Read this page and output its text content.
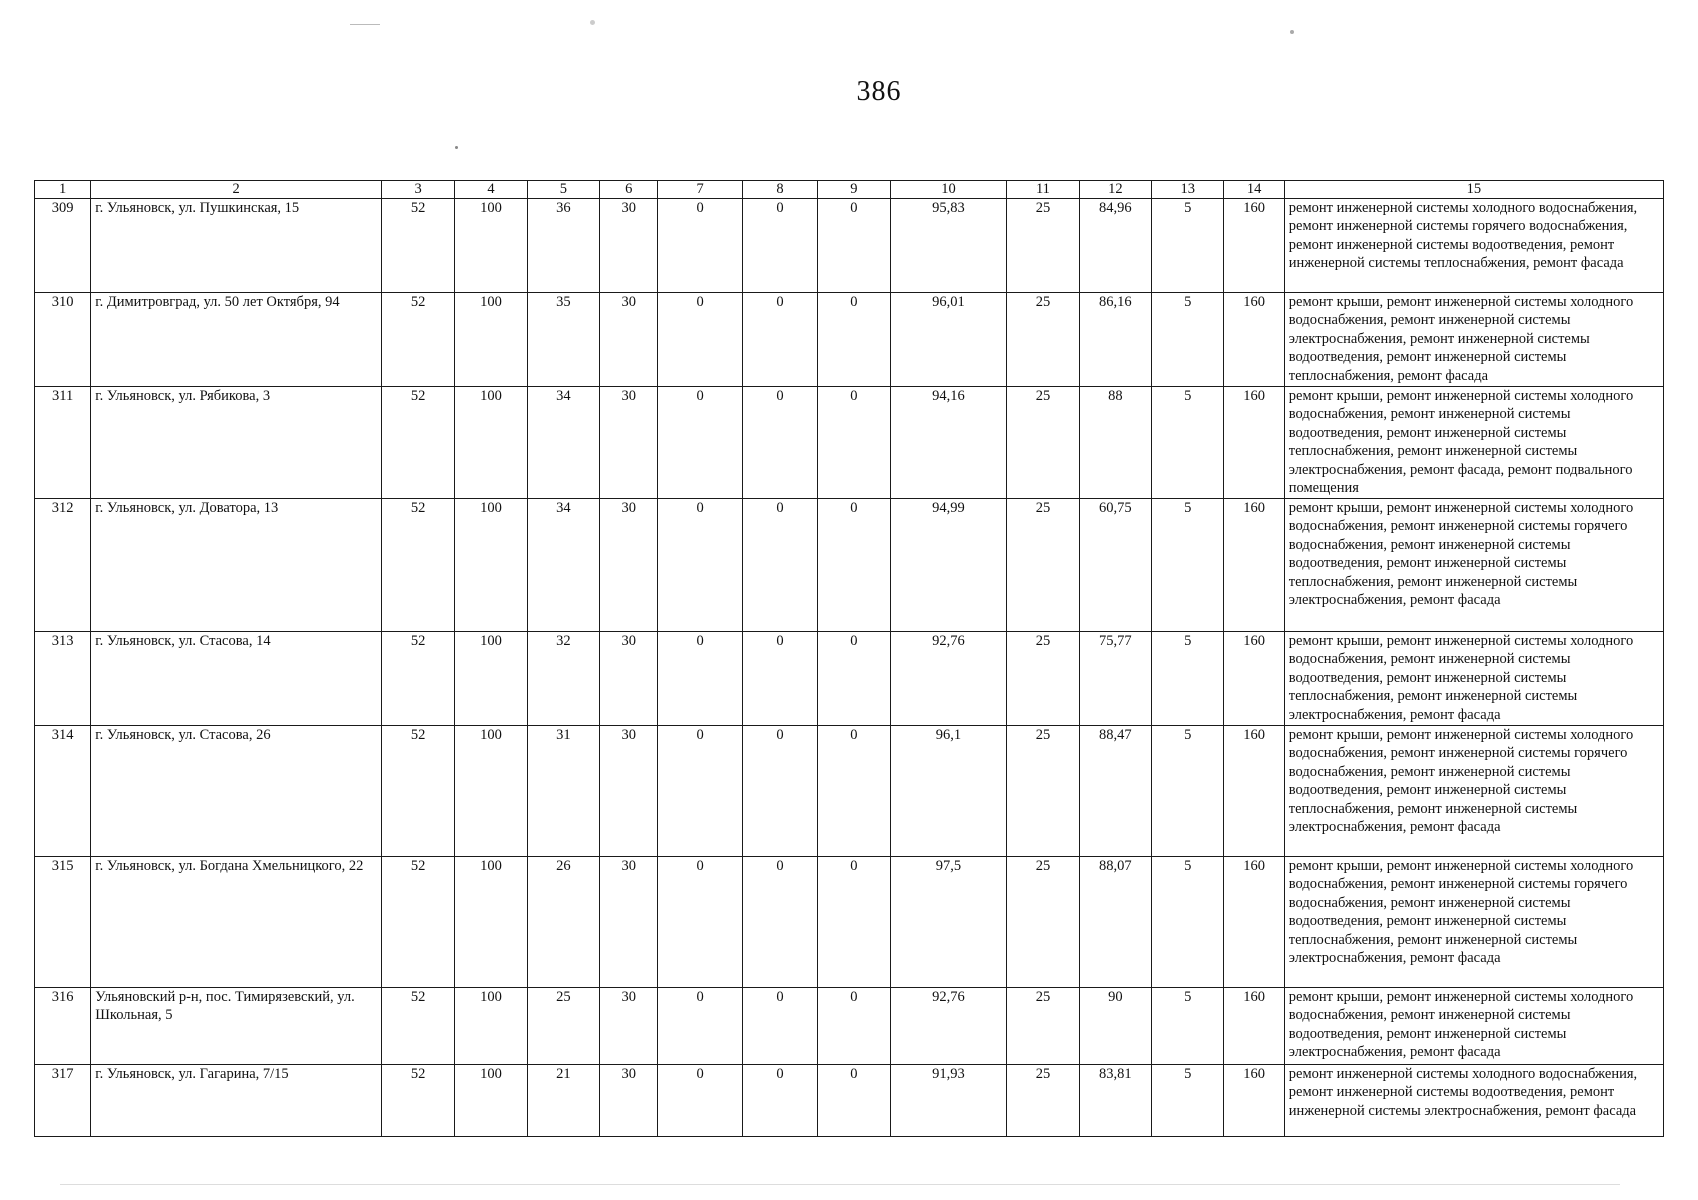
386
1	2	3	4	5	6	7	8	9	10	11	12	13	14	15
309	г. Ульяновск, ул. Пушкинская, 15	52	100	36	30	0	0	0	95,83	25	84,96	5	160	ремонт инженерной системы холодного водоснабжения, ремонт инженерной системы горячего водоснабжения, ремонт инженерной системы водоотведения, ремонт инженерной системы теплоснабжения, ремонт фасада
310	г. Димитровград, ул. 50 лет Октября, 94	52	100	35	30	0	0	0	96,01	25	86,16	5	160	ремонт крыши, ремонт инженерной системы холодного водоснабжения, ремонт инженерной системы электроснабжения, ремонт инженерной системы водоотведения, ремонт инженерной системы теплоснабжения, ремонт фасада
311	г. Ульяновск, ул. Рябикова, 3	52	100	34	30	0	0	0	94,16	25	88	5	160	ремонт крыши, ремонт инженерной системы холодного водоснабжения, ремонт инженерной системы водоотведения, ремонт инженерной системы теплоснабжения, ремонт инженерной системы электроснабжения, ремонт фасада, ремонт подвального помещения
312	г. Ульяновск, ул. Доватора, 13	52	100	34	30	0	0	0	94,99	25	60,75	5	160	ремонт крыши, ремонт инженерной системы холодного водоснабжения, ремонт инженерной системы горячего водоснабжения, ремонт инженерной системы водоотведения, ремонт инженерной системы теплоснабжения, ремонт инженерной системы электроснабжения, ремонт фасада
313	г. Ульяновск, ул. Стасова, 14	52	100	32	30	0	0	0	92,76	25	75,77	5	160	ремонт крыши, ремонт инженерной системы холодного водоснабжения, ремонт инженерной системы водоотведения, ремонт инженерной системы теплоснабжения, ремонт инженерной системы электроснабжения, ремонт фасада
314	г. Ульяновск, ул. Стасова, 26	52	100	31	30	0	0	0	96,1	25	88,47	5	160	ремонт крыши, ремонт инженерной системы холодного водоснабжения, ремонт инженерной системы горячего водоснабжения, ремонт инженерной системы водоотведения, ремонт инженерной системы теплоснабжения, ремонт инженерной системы электроснабжения, ремонт фасада
315	г. Ульяновск, ул. Богдана Хмельницкого, 22	52	100	26	30	0	0	0	97,5	25	88,07	5	160	ремонт крыши, ремонт инженерной системы холодного водоснабжения, ремонт инженерной системы горячего водоснабжения, ремонт инженерной системы водоотведения, ремонт инженерной системы теплоснабжения, ремонт инженерной системы электроснабжения, ремонт фасада
316	Ульяновский р-н, пос. Тимирязевский, ул. Школьная, 5	52	100	25	30	0	0	0	92,76	25	90	5	160	ремонт крыши, ремонт инженерной системы холодного водоснабжения, ремонт инженерной системы водоотведения, ремонт инженерной системы электроснабжения, ремонт фасада
317	г. Ульяновск, ул. Гагарина, 7/15	52	100	21	30	0	0	0	91,93	25	83,81	5	160	ремонт инженерной системы холодного водоснабжения, ремонт инженерной системы водоотведения, ремонт инженерной системы электроснабжения, ремонт фасада
